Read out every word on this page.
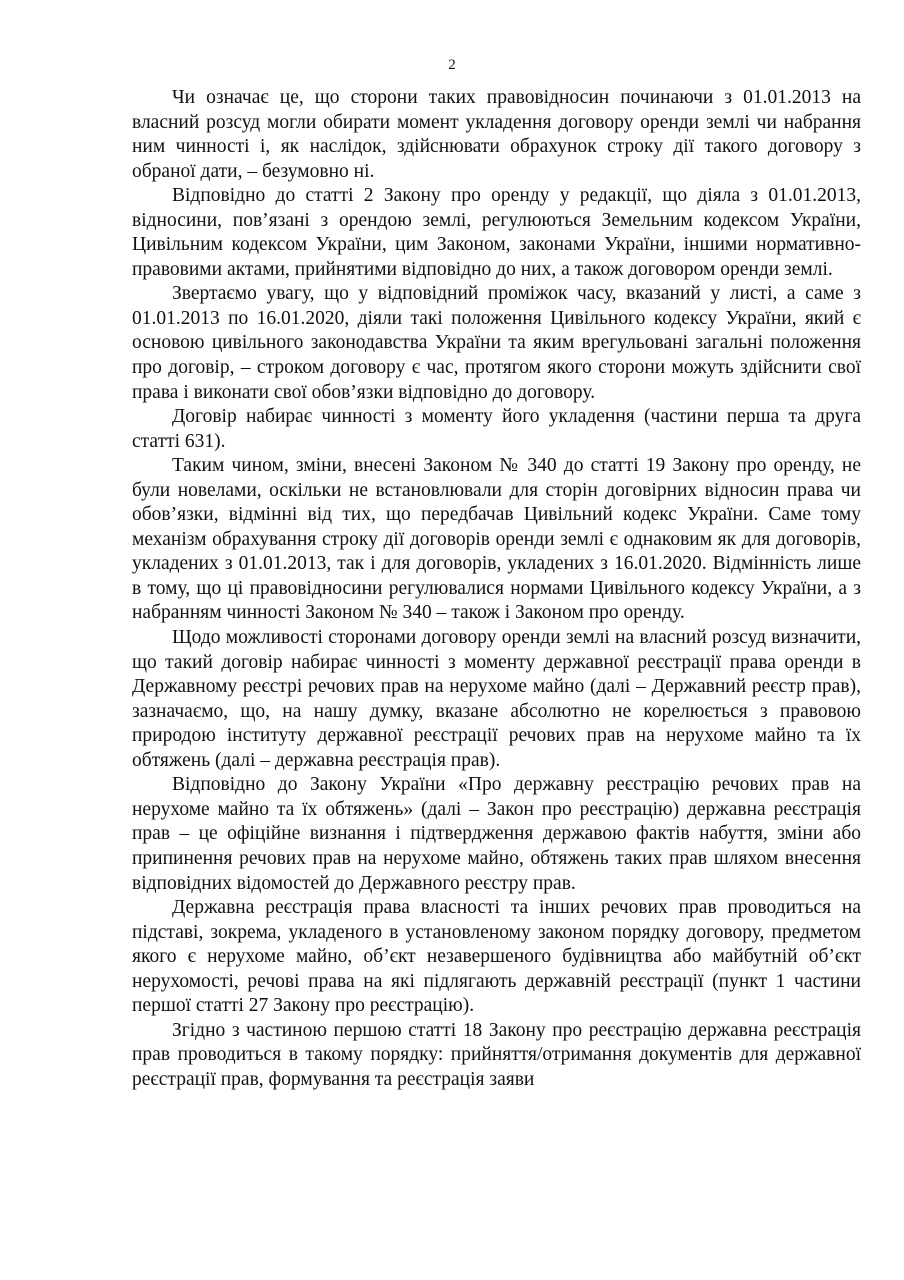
2

Чи означає це, що сторони таких правовідносин починаючи з 01.01.2013 на власний розсуд могли обирати момент укладення договору оренди землі чи набрання ним чинності і, як наслідок, здійснювати обрахунок строку дії такого договору з обраної дати, – безумовно ні.

Відповідно до статті 2 Закону про оренду у редакції, що діяла з 01.01.2013, відносини, пов’язані з орендою землі, регулюються Земельним кодексом України, Цивільним кодексом України, цим Законом, законами України, іншими нормативно-правовими актами, прийнятими відповідно до них, а також договором оренди землі.

Звертаємо увагу, що у відповідний проміжок часу, вказаний у листі, а саме з 01.01.2013 по 16.01.2020, діяли такі положення Цивільного кодексу України, який є основою цивільного законодавства України та яким врегульовані загальні положення про договір, – строком договору є час, протягом якого сторони можуть здійснити свої права і виконати свої обов’язки відповідно до договору.

Договір набирає чинності з моменту його укладення (частини перша та друга статті 631).

Таким чином, зміни, внесені Законом № 340 до статті 19 Закону про оренду, не були новелами, оскільки не встановлювали для сторін договірних відносин права чи обов’язки, відмінні від тих, що передбачав Цивільний кодекс України. Саме тому механізм обрахування строку дії договорів оренди землі є однаковим як для договорів, укладених з 01.01.2013, так і для договорів, укладених з 16.01.2020. Відмінність лише в тому, що ці правовідносини регулювалися нормами Цивільного кодексу України, а з набранням чинності Законом № 340 – також і Законом про оренду.

Щодо можливості сторонами договору оренди землі на власний розсуд визначити, що такий договір набирає чинності з моменту державної реєстрації права оренди в Державному реєстрі речових прав на нерухоме майно (далі – Державний реєстр прав), зазначаємо, що, на нашу думку, вказане абсолютно не корелюється з правовою природою інституту державної реєстрації речових прав на нерухоме майно та їх обтяжень (далі – державна реєстрація прав).

Відповідно до Закону України «Про державну реєстрацію речових прав на нерухоме майно та їх обтяжень» (далі – Закон про реєстрацію) державна реєстрація прав – це офіційне визнання і підтвердження державою фактів набуття, зміни або припинення речових прав на нерухоме майно, обтяжень таких прав шляхом внесення відповідних відомостей до Державного реєстру прав.

Державна реєстрація права власності та інших речових прав проводиться на підставі, зокрема, укладеного в установленому законом порядку договору, предметом якого є нерухоме майно, об’єкт незавершеного будівництва або майбутній об’єкт нерухомості, речові права на які підлягають державній реєстрації (пункт 1 частини першої статті 27 Закону про реєстрацію).

Згідно з частиною першою статті 18 Закону про реєстрацію державна реєстрація прав проводиться в такому порядку: прийняття/отримання документів для державної реєстрації прав, формування та реєстрація заяви
